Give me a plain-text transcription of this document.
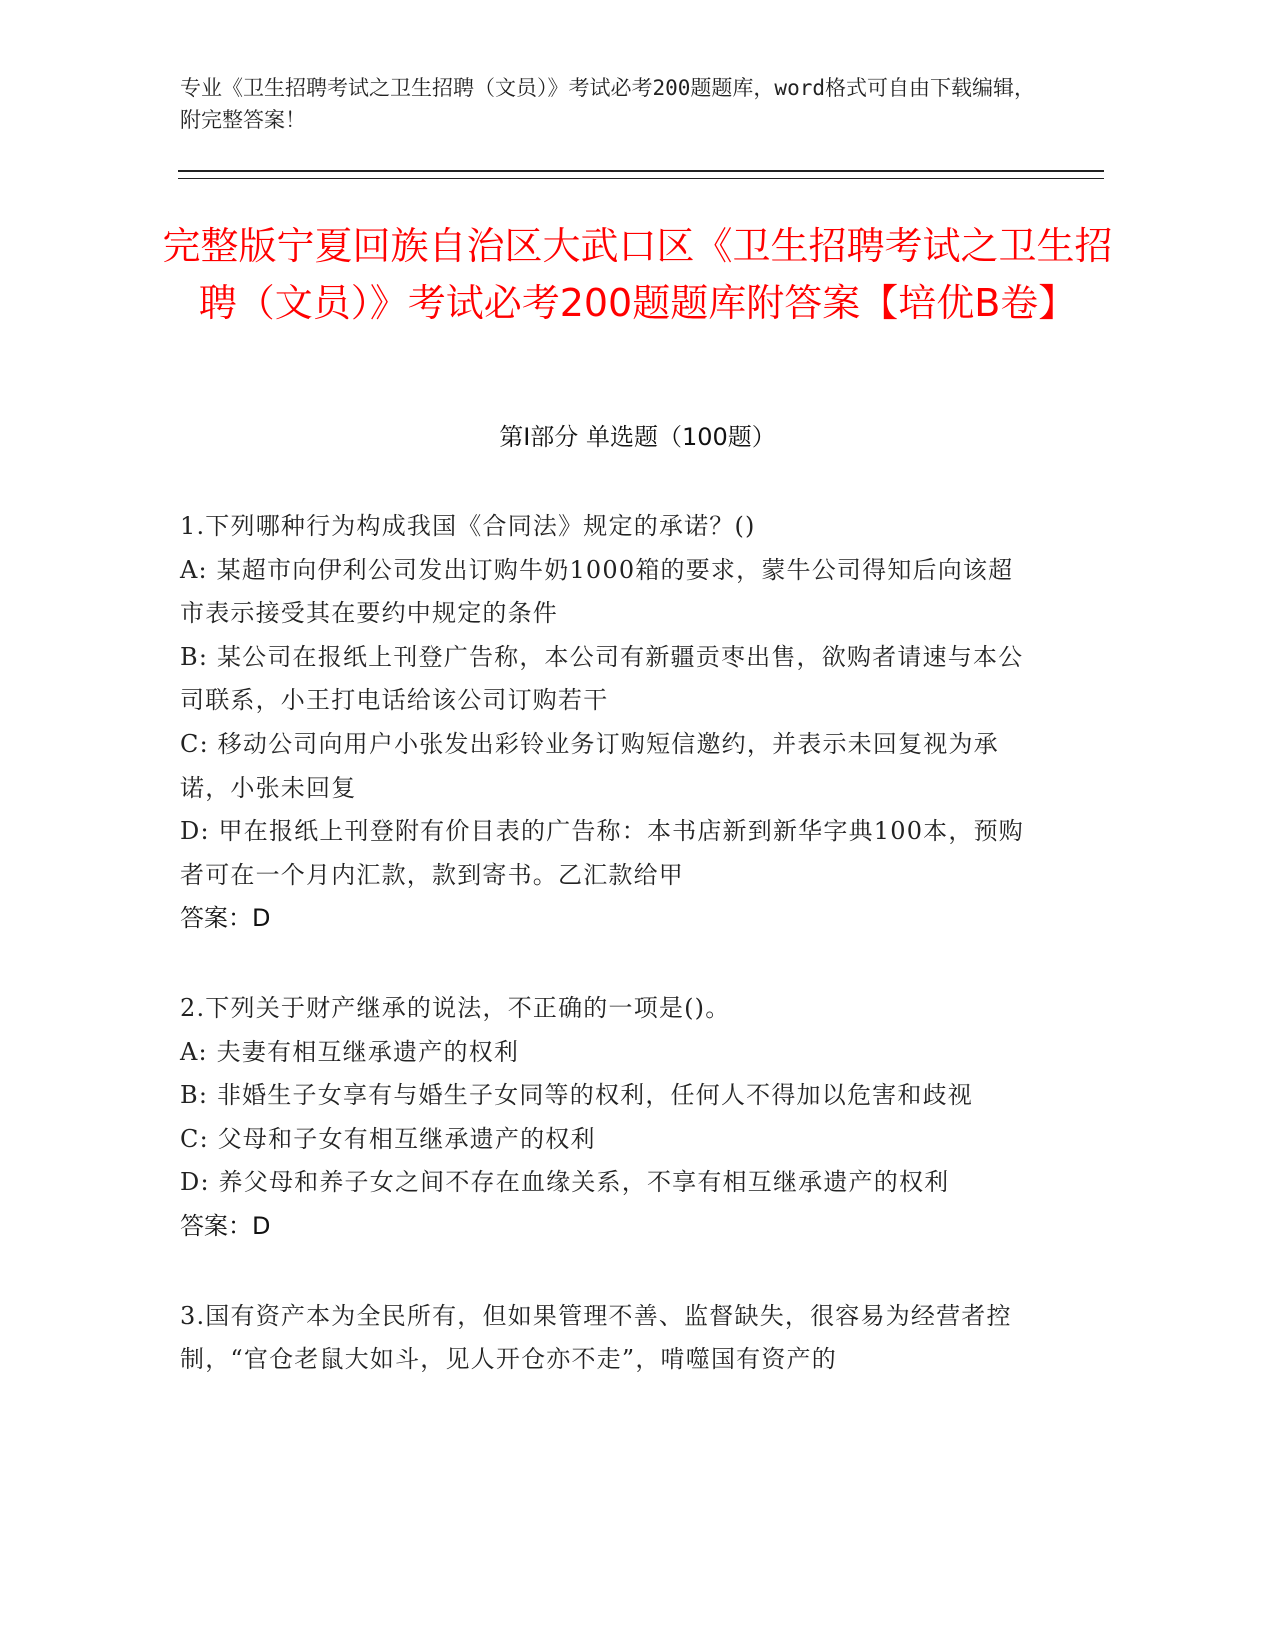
专业《卫生招聘考试之卫生招聘（文员）》考试必考200题题库，word格式可自由下载编辑，附完整答案！
完整版宁夏回族自治区大武口区《卫生招聘考试之卫生招聘（文员）》考试必考200题题库附答案【培优B卷】
第Ⅰ部分 单选题（100题）
1.下列哪种行为构成我国《合同法》规定的承诺？()
A: 某超市向伊利公司发出订购牛奶1000箱的要求，蒙牛公司得知后向该超市表示接受其在要约中规定的条件
B: 某公司在报纸上刊登广告称，本公司有新疆贡枣出售，欲购者请速与本公司联系，小王打电话给该公司订购若干
C: 移动公司向用户小张发出彩铃业务订购短信邀约，并表示未回复视为承诺，小张未回复
D: 甲在报纸上刊登附有价目表的广告称：本书店新到新华字典100本，预购者可在一个月内汇款，款到寄书。乙汇款给甲
答案：D
2.下列关于财产继承的说法，不正确的一项是()。
A: 夫妻有相互继承遗产的权利
B: 非婚生子女享有与婚生子女同等的权利，任何人不得加以危害和歧视
C: 父母和子女有相互继承遗产的权利
D: 养父母和养子女之间不存在血缘关系，不享有相互继承遗产的权利
答案：D
3.国有资产本为全民所有，但如果管理不善、监督缺失，很容易为经营者控制，“官仓老鼠大如斗，见人开仓亦不走”，啃噬国有资产的
